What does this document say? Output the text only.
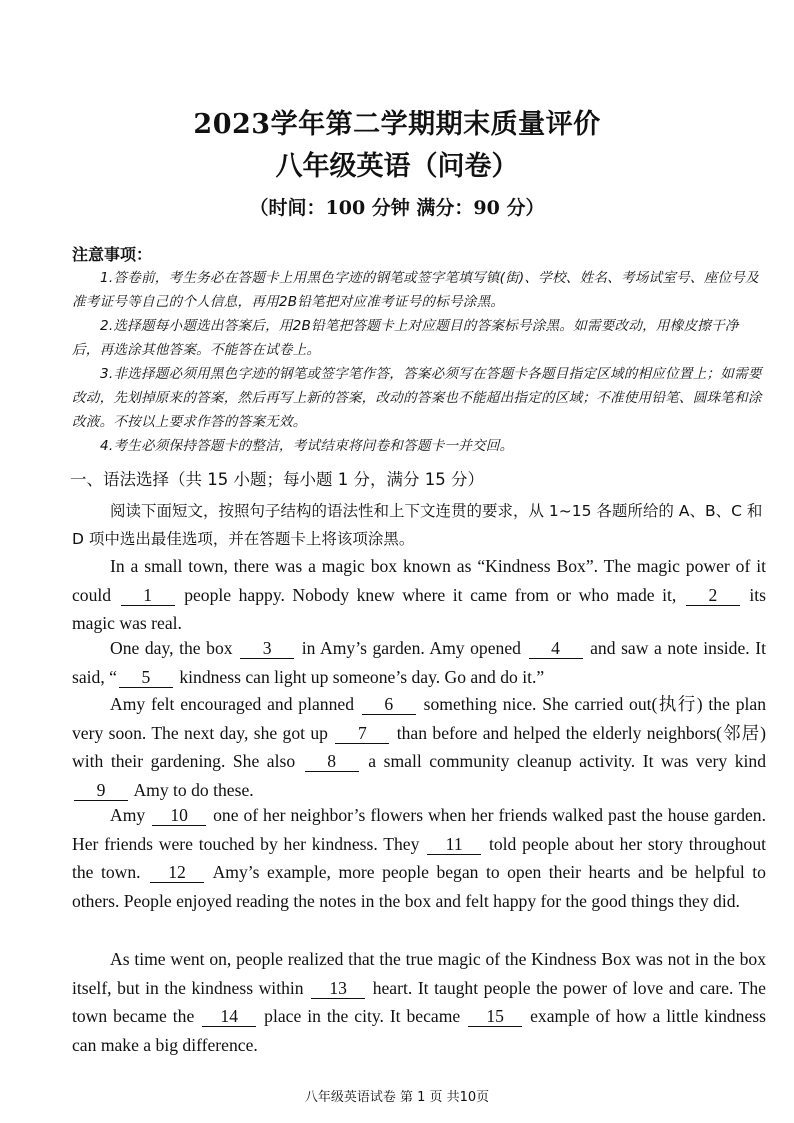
2023学年第二学期期末质量评价
八年级英语（问卷）
（时间：100 分钟 满分：90 分）
注意事项：
1.答卷前，考生务必在答题卡上用黑色字迹的钢笔或签字笔填写镇(街)、学校、姓名、考场试室号、座位号及准考证号等自己的个人信息，再用2B铅笔把对应准考证号的标号涂黑。
2.选择题每小题选出答案后，用2B铅笔把答题卡上对应题目的答案标号涂黑。如需要改动，用橡皮擦干净后，再选涂其他答案。不能答在试卷上。
3.非选择题必须用黑色字迹的钢笔或签字笔作答，答案必须写在答题卡各题目指定区域的相应位置上；如需要改动，先划掉原来的答案，然后再写上新的答案，改动的答案也不能超出指定的区域；不准使用铅笔、圆珠笔和涂改液。不按以上要求作答的答案无效。
4.考生必须保持答题卡的整洁，考试结束将问卷和答题卡一并交回。
一、语法选择（共 15 小题；每小题 1 分，满分 15 分）
阅读下面短文，按照句子结构的语法性和上下文连贯的要求，从 1~15 各题所给的 A、B、C 和 D 项中选出最佳选项，并在答题卡上将该项涂黑。
In a small town, there was a magic box known as “Kindness Box”. The magic power of it could 1 people happy. Nobody knew where it came from or who made it, 2 its magic was real.
One day, the box 3 in Amy’s garden. Amy opened 4 and saw a note inside. It said, “ 5 kindness can light up someone’s day. Go and do it.”
Amy felt encouraged and planned 6 something nice. She carried out(执行) the plan very soon. The next day, she got up 7 than before and helped the elderly neighbors(邻居) with their gardening. She also 8 a small community cleanup activity. It was very kind 9 Amy to do these.
Amy 10 one of her neighbor’s flowers when her friends walked past the house garden. Her friends were touched by her kindness. They 11 told people about her story throughout the town. 12 Amy’s example, more people began to open their hearts and be helpful to others. People enjoyed reading the notes in the box and felt happy for the good things they did.
As time went on, people realized that the true magic of the Kindness Box was not in the box itself, but in the kindness within 13 heart. It taught people the power of love and care. The town became the 14 place in the city. It became 15 example of how a little kindness can make a big difference.
八年级英语试卷 第 1 页 共10页
